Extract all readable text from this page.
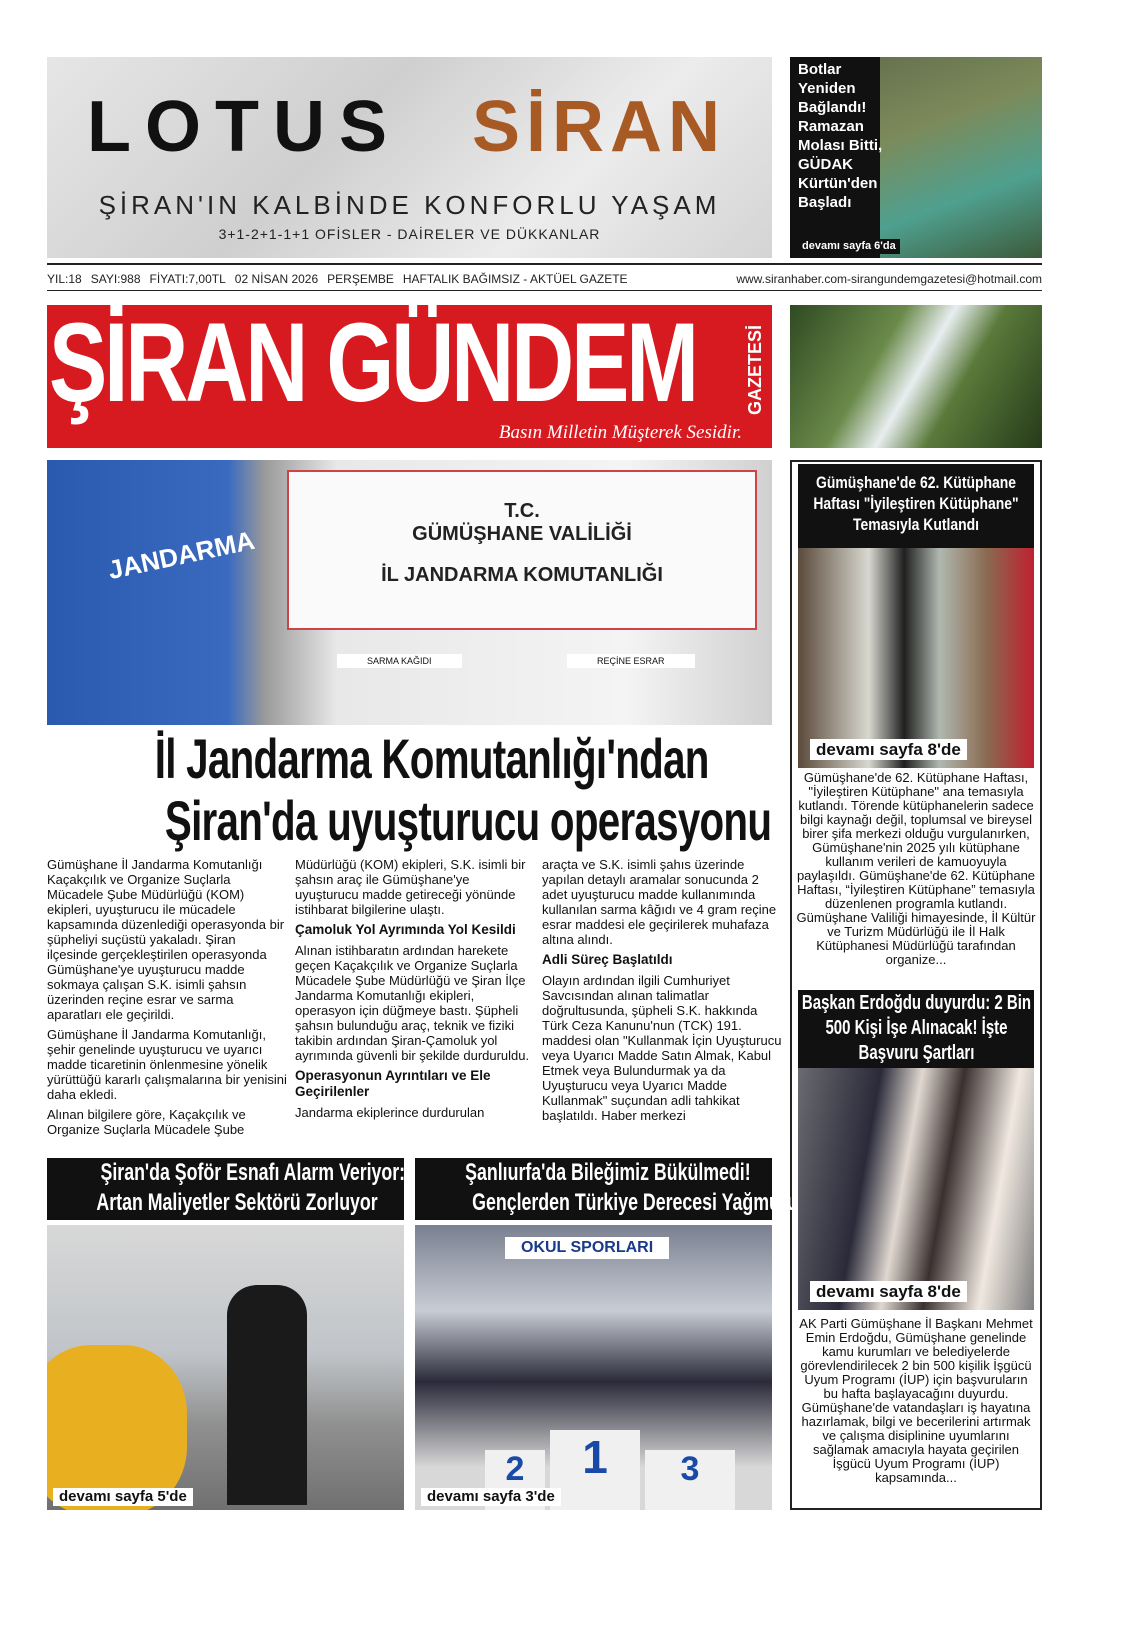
LOTUS SİRAN
ŞİRAN'IN KALBİNDE KONFORLU YAŞAM
3+1-2+1-1+1 OFİSLER - DAİRELER VE DÜKKANLAR
Botlar Yeniden Bağlandı! Ramazan Molası Bitti, GÜDAK Kürtün'den Başladı
devamı sayfa 6'da
YIL:18 SAYI:988 FİYATI:7,00TL 02 NİSAN 2026 PERŞEMBE HAFTALIK BAĞIMSIZ - AKTÜEL GAZETE	www.siranhaber.com-sirangundemgazetesi@hotmail.com
ŞİRAN GÜNDEM	GAZETESİ
Basın Milletin Müşterek Sesidir.
JANDARMA
T.C.
GÜMÜŞHANE VALİLİĞİ
İL JANDARMA KOMUTANLIĞI
SARMA KAĞIDI	REÇİNE ESRAR
İl Jandarma Komutanlığı'ndan
Şiran'da uyuşturucu operasyonu

Gümüşhane İl Jandarma Komutanlığı Kaçakçılık ve Organize Suçlarla Mücadele Şube Müdürlüğü (KOM) ekipleri, uyuşturucu ile mücadele kapsamında düzenlediği operasyonda bir şüpheliyi suçüstü yakaladı. Şiran ilçesinde gerçekleştirilen operasyonda Gümüşhane'ye uyuşturucu madde sokmaya çalışan S.K. isimli şahsın üzerinden reçine esrar ve sarma aparatları ele geçirildi.

Gümüşhane İl Jandarma Komutanlığı, şehir genelinde uyuşturucu ve uyarıcı madde ticaretinin önlenmesine yönelik yürüttüğü kararlı çalışmalarına bir yenisini daha ekledi.

Alınan bilgilere göre, Kaçakçılık ve Organize Suçlarla Mücadele Şube

Müdürlüğü (KOM) ekipleri, S.K. isimli bir şahsın araç ile Gümüşhane'ye uyuşturucu madde getireceği yönünde istihbarat bilgilerine ulaştı.

Çamoluk Yol Ayrımında Yol Kesildi

Alınan istihbaratın ardından harekete geçen Kaçakçılık ve Organize Suçlarla Mücadele Şube Müdürlüğü ve Şiran İlçe Jandarma Komutanlığı ekipleri, operasyon için düğmeye bastı. Şüpheli şahsın bulunduğu araç, teknik ve fiziki takibin ardından Şiran-Çamoluk yol ayrımında güvenli bir şekilde durduruldu.

Operasyonun Ayrıntıları ve Ele Geçirilenler

Jandarma ekiplerince durdurulan

araçta ve S.K. isimli şahıs üzerinde yapılan detaylı aramalar sonucunda 2 adet uyuşturucu madde kullanımında kullanılan sarma kâğıdı ve 4 gram reçine esrar maddesi ele geçirilerek muhafaza altına alındı.

Adli Süreç Başlatıldı

Olayın ardından ilgili Cumhuriyet Savcısından alınan talimatlar doğrultusunda, şüpheli S.K. hakkında Türk Ceza Kanunu'nun (TCK) 191. maddesi olan "Kullanmak İçin Uyuşturucu veya Uyarıcı Madde Satın Almak, Kabul Etmek veya Bulundurmak ya da Uyuşturucu veya Uyarıcı Madde Kullanmak" suçundan adli tahkikat başlatıldı. Haber merkezi

Gümüşhane'de 62. Kütüphane Haftası "İyileştiren Kütüphane" Temasıyla Kutlandı
devamı sayfa 8'de
Gümüşhane'de 62. Kütüphane Haftası, "İyileştiren Kütüphane" ana temasıyla kutlandı. Törende kütüphanelerin sadece bilgi kaynağı değil, toplumsal ve bireysel birer şifa merkezi olduğu vurgulanırken, Gümüşhane'nin 2025 yılı kütüphane kullanım verileri de kamuoyuyla paylaşıldı. Gümüşhane'de 62. Kütüphane Haftası, “İyileştiren Kütüphane” temasıyla düzenlenen programla kutlandı. Gümüşhane Valiliği himayesinde, İl Kültür ve Turizm Müdürlüğü ile İl Halk Kütüphanesi Müdürlüğü tarafından organize...
Başkan Erdoğdu duyurdu: 2 Bin 500 Kişi İşe Alınacak! İşte Başvuru Şartları
devamı sayfa 8'de
AK Parti Gümüşhane İl Başkanı Mehmet Emin Erdoğdu, Gümüşhane genelinde kamu kurumları ve belediyelerde görevlendirilecek 2 bin 500 kişilik İşgücü Uyum Programı (İUP) için başvuruların bu hafta başlayacağını duyurdu. Gümüşhane'de vatandaşları iş hayatına hazırlamak, bilgi ve becerilerini artırmak ve çalışma disiplinine uyumlarını sağlamak amacıyla hayata geçirilen İşgücü Uyum Programı (İUP) kapsamında...
Şiran'da Şoför Esnafı Alarm Veriyor:
Artan Maliyetler Sektörü Zorluyor
devamı sayfa 5'de
Şanlıurfa'da Bileğimiz Bükülmedi!
Gençlerden Türkiye Derecesi Yağmuru
OKUL SPORLARI
2	1	3
devamı sayfa 3'de
